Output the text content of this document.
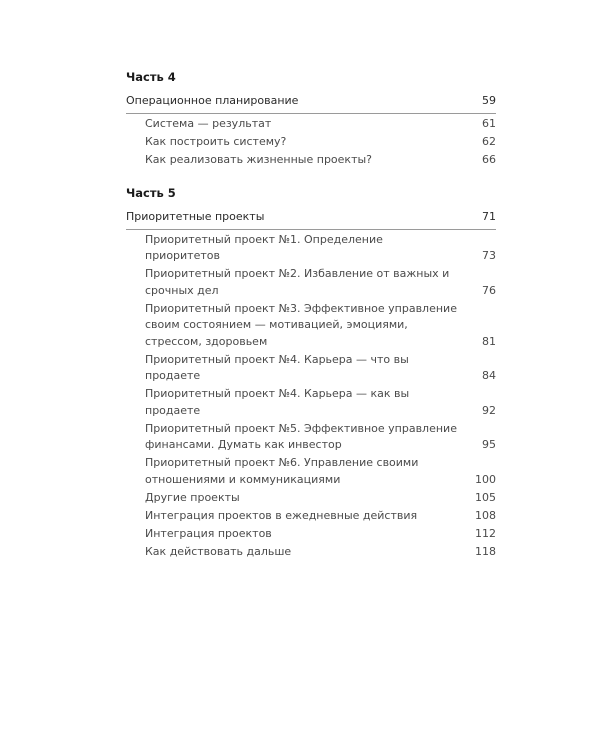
Часть 4
Операционное планирование	59
Система — результат	61
Как построить систему?	62
Как реализовать жизненные проекты?	66
Часть 5
Приоритетные проекты	71
Приоритетный проект №1. Определение приоритетов	73
Приоритетный проект №2. Избавление от важных и срочных дел	76
Приоритетный проект №3. Эффективное управление своим состоянием — мотивацией, эмоциями, стрессом, здоровьем	81
Приоритетный проект №4. Карьера — что вы продаете	84
Приоритетный проект №4. Карьера — как вы продаете	92
Приоритетный проект №5. Эффективное управление финансами. Думать как инвестор	95
Приоритетный проект №6. Управление своими отношениями и коммуникациями	100
Другие проекты	105
Интеграция проектов в ежедневные действия	108
Интеграция проектов	112
Как действовать дальше	118
